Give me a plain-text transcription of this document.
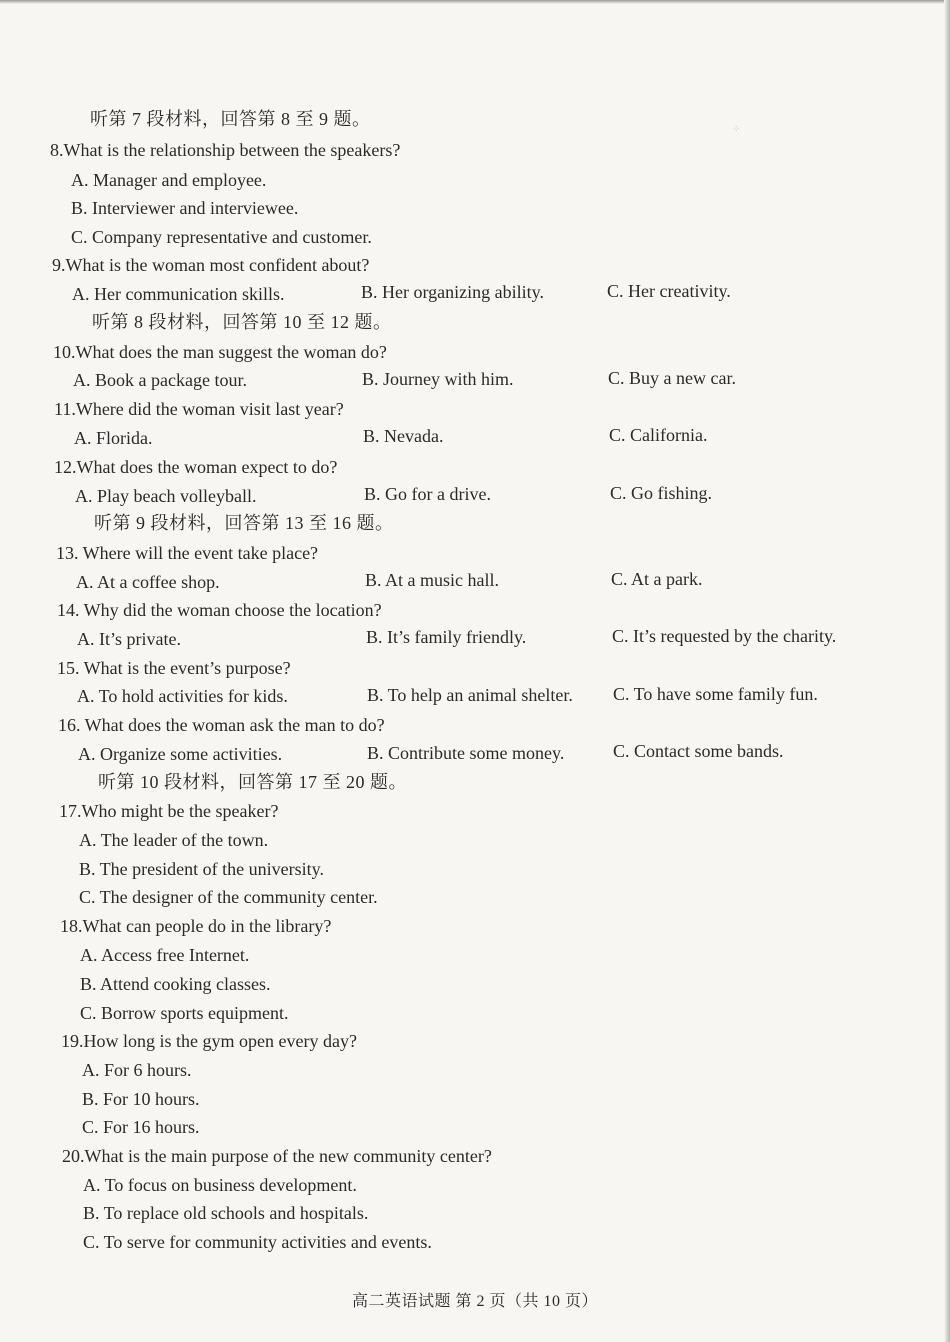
⁘
听第 7 段材料，回答第 8 至 9 题。
8.What is the relationship between the speakers?
A. Manager and employee.
B. Interviewer and interviewee.
C. Company representative and customer.
9.What is the woman most confident about?
A. Her communication skills.	B. Her organizing ability.	C. Her creativity.
听第 8 段材料，回答第 10 至 12 题。
10.What does the man suggest the woman do?
A. Book a package tour.	B. Journey with him.	C. Buy a new car.
11.Where did the woman visit last year?
A. Florida.	B. Nevada.	C. California.
12.What does the woman expect to do?
A. Play beach volleyball.	B. Go for a drive.	C. Go fishing.
听第 9 段材料，回答第 13 至 16 题。
13. Where will the event take place?
A. At a coffee shop.	B. At a music hall.	C. At a park.
14. Why did the woman choose the location?
A. It’s private.	B. It’s family friendly.	C. It’s requested by the charity.
15. What is the event’s purpose?
A. To hold activities for kids.	B. To help an animal shelter. C. To have some family fun.
16. What does the woman ask the man to do?
A. Organize some activities.	B. Contribute some money.	C. Contact some bands.
听第 10 段材料，回答第 17 至 20 题。
17.Who might be the speaker?
A. The leader of the town.
B. The president of the university.
C. The designer of the community center.
18.What can people do in the library?
A. Access free Internet.
B. Attend cooking classes.
C. Borrow sports equipment.
19.How long is the gym open every day?
A. For 6 hours.
B. For 10 hours.
C. For 16 hours.
20.What is the main purpose of the new community center?
A. To focus on business development.
B. To replace old schools and hospitals.
C. To serve for community activities and events.
高二英语试题 第 2 页（共 10 页）
